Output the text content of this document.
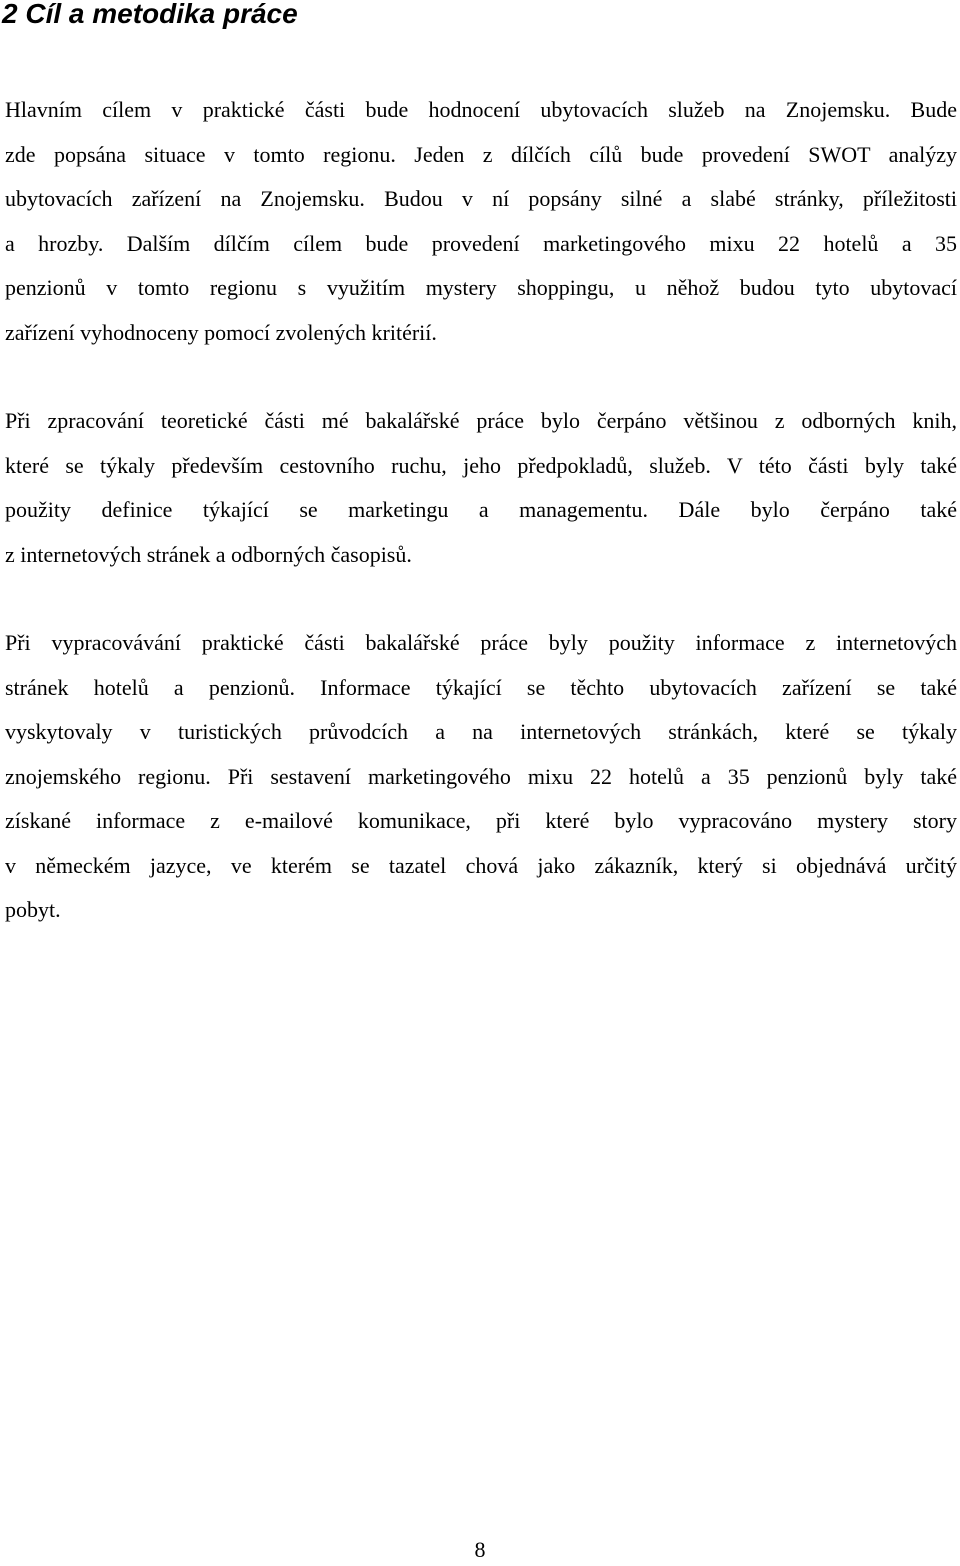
2 Cíl a metodika práce
Hlavním cílem v praktické části bude hodnocení ubytovacích služeb na Znojemsku. Bude
zde popsána situace v tomto regionu. Jeden z dílčích cílů bude provedení SWOT analýzy
ubytovacích zařízení na Znojemsku. Budou v ní popsány silné a slabé stránky, příležitosti
a hrozby. Dalším dílčím cílem bude provedení marketingového mixu 22 hotelů a 35
penzionů v tomto regionu s využitím mystery shoppingu, u něhož budou tyto ubytovací
zařízení vyhodnoceny pomocí zvolených kritérií.
Při zpracování teoretické části mé bakalářské práce bylo čerpáno většinou z odborných knih,
které se týkaly především cestovního ruchu, jeho předpokladů, služeb. V této části byly také
použity definice týkající se marketingu a managementu. Dále bylo čerpáno také
z internetových stránek a odborných časopisů.
Při vypracovávání praktické části bakalářské práce byly použity informace z internetových
stránek hotelů a penzionů. Informace týkající se těchto ubytovacích zařízení se také
vyskytovaly v turistických průvodcích a na internetových stránkách, které se týkaly
znojemského regionu. Při sestavení marketingového mixu 22 hotelů a 35 penzionů byly také
získané informace z e-mailové komunikace, při které bylo vypracováno mystery story
v německém jazyce, ve kterém se tazatel chová jako zákazník, který si objednává určitý
pobyt.
8
